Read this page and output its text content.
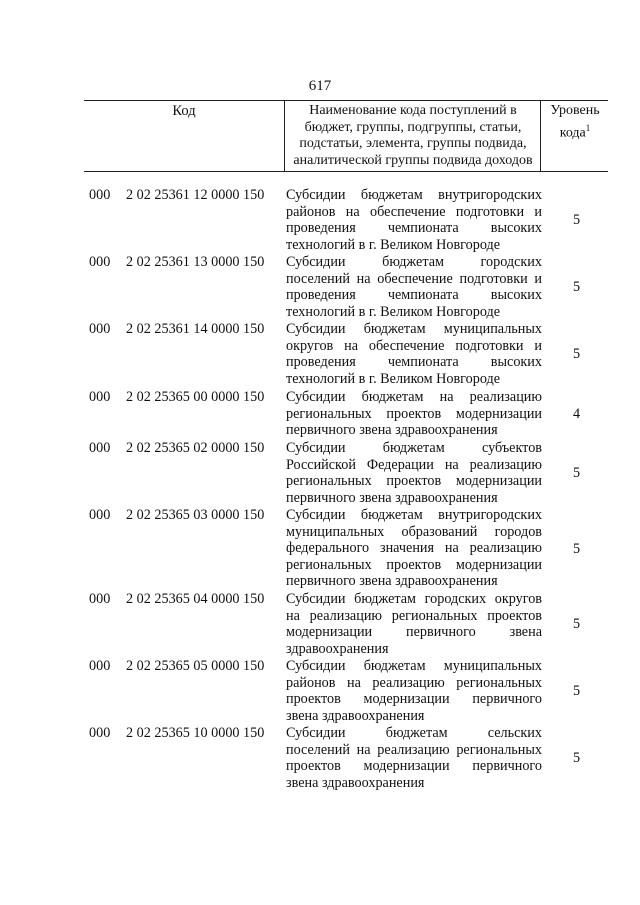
617
Код	Наименование кода поступлений в
бюджет, группы, подгруппы, статьи,
подстатьи, элемента, группы подвида,
аналитической группы подвида доходов
Уровень
кода$^1$
000 2 02 25361 12 0000 150 Субсидии бюджетам внутригородских
районов на обеспечение подготовки и
проведения чемпионата высоких
технологий в г. Великом Новгороде
5
000 2 02 25361 13 0000 150 Субсидии бюджетам городских
поселений на обеспечение подготовки и
проведения чемпионата высоких
технологий в г. Великом Новгороде
5
000 2 02 25361 14 0000 150 Субсидии бюджетам муниципальных
округов на обеспечение подготовки и
проведения чемпионата высоких
технологий в г. Великом Новгороде
5
000 2 02 25365 00 0000 150 Субсидии бюджетам на реализацию
региональных проектов модернизации
первичного звена здравоохранения
4
000 2 02 25365 02 0000 150 Субсидии бюджетам субъектов
Российской Федерации на реализацию
региональных проектов модернизации
первичного звена здравоохранения
5
000 2 02 25365 03 0000 150 Субсидии бюджетам внутригородских
муниципальных образований городов
федерального значения на реализацию
региональных проектов модернизации
первичного звена здравоохранения
5
000 2 02 25365 04 0000 150 Субсидии бюджетам городских округов
на реализацию региональных проектов
модернизации первичного звена
здравоохранения
5
000 2 02 25365 05 0000 150 Субсидии бюджетам муниципальных
районов на реализацию региональных
проектов модернизации первичного
звена здравоохранения
5
000 2 02 25365 10 0000 150 Субсидии бюджетам сельских
поселений на реализацию региональных
проектов модернизации первичного
звена здравоохранения
5
